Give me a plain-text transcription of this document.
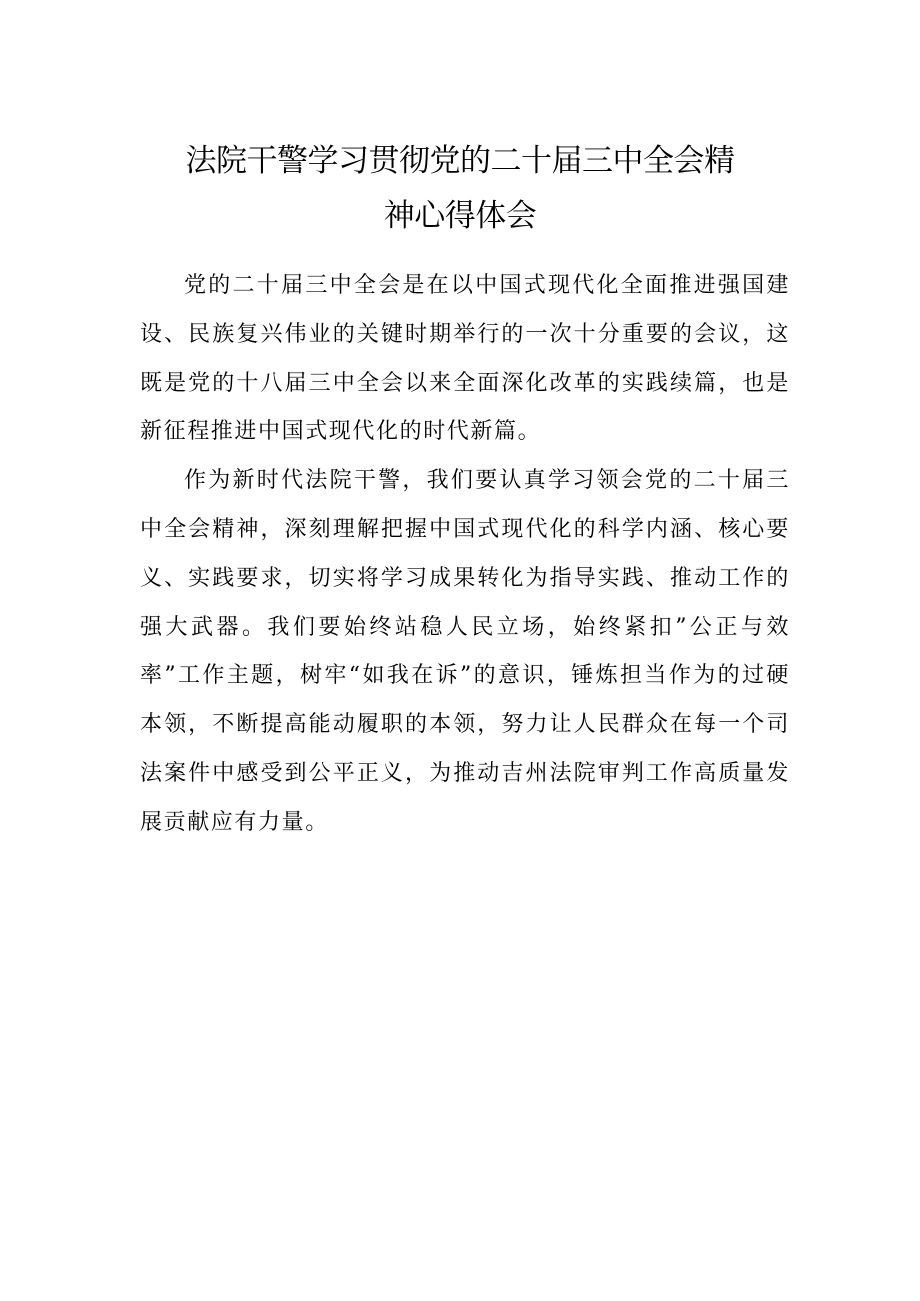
法院干警学习贯彻党的二十届三中全会精
神心得体会

党的二十届三中全会是在以中国式现代化全面推进强国建设、民族复兴伟业的关键时期举行的一次十分重要的会议，这既是党的十八届三中全会以来全面深化改革的实践续篇，也是新征程推进中国式现代化的时代新篇。

作为新时代法院干警，我们要认真学习领会党的二十届三中全会精神，深刻理解把握中国式现代化的科学内涵、核心要义、实践要求，切实将学习成果转化为指导实践、推动工作的强大武器。我们要始终站稳人民立场，始终紧扣”公正与效率”工作主题，树牢“如我在诉”的意识，锤炼担当作为的过硬本领，不断提高能动履职的本领，努力让人民群众在每一个司法案件中感受到公平正义，为推动吉州法院审判工作高质量发展贡献应有力量。
